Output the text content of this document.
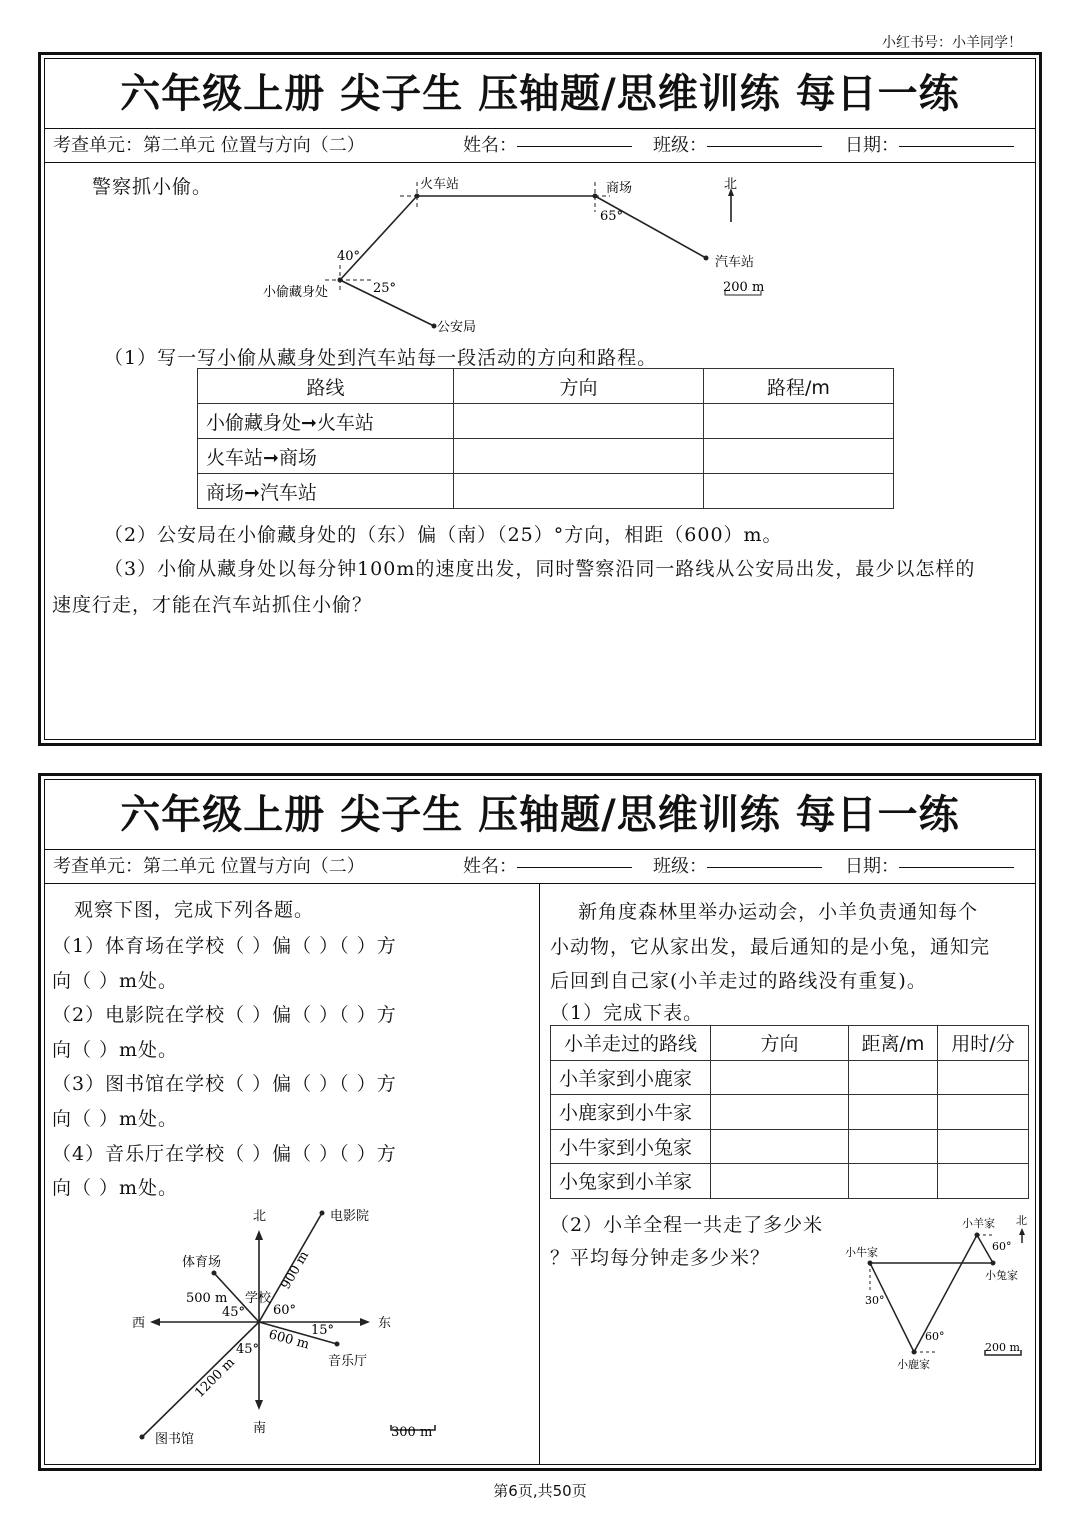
小红书号：小羊同学！
六年级上册 尖子生 压轴题/思维训练 每日一练
考查单元：第二单元 位置与方向（二）	姓名：	班级：	日期：
警察抓小偷。	火车站	商场	北
汽车站
小偷藏身处
公安局
40°
25°
65°
200 m
（1）写一写小偷从藏身处到汽车站每一段活动的方向和路程。
路线	方向	路程/m
小偷藏身处➞火车站		
火车站➞商场		
商场➞汽车站		
（2）公安局在小偷藏身处的（东）偏（南）（25）°方向，相距（600）m。
（3）小偷从藏身处以每分钟100m的速度出发，同时警察沿同一路线从公安局出发，最少以怎样的
速度行走，才能在汽车站抓住小偷？
六年级上册 尖子生 压轴题/思维训练 每日一练
考查单元：第二单元 位置与方向（二）	姓名：	班级：	日期：
观察下图，完成下列各题。
（1）体育场在学校（ ）偏（ ）（ ）方
向（ ）m处。
（2）电影院在学校（ ）偏（ ）（ ）方
向（ ）m处。
（3）图书馆在学校（ ）偏（ ）（ ）方
向（ ）m处。
（4）音乐厅在学校（ ）偏（ ）（ ）方
向（ ）m处。
北
南
东
西
学校
电影院
体育场
音乐厅
图书馆
500 m
900 m
600 m
1200 m
45° 60°
15°
45°
300 m
新角度森林里举办运动会，小羊负责通知每个
小动物，它从家出发，最后通知的是小兔，通知完
后回到自己家(小羊走过的路线没有重复)。
（1）完成下表。
小羊走过的路线	方向	距离/m	用时/分
小羊家到小鹿家			
小鹿家到小牛家			
小牛家到小兔家			
小兔家到小羊家			
（2）小羊全程一共走了多少米
？平均每分钟走多少米？
小羊家
小牛家
小兔家
小鹿家
北
60°
30°
60°
200 m
第6页,共50页
